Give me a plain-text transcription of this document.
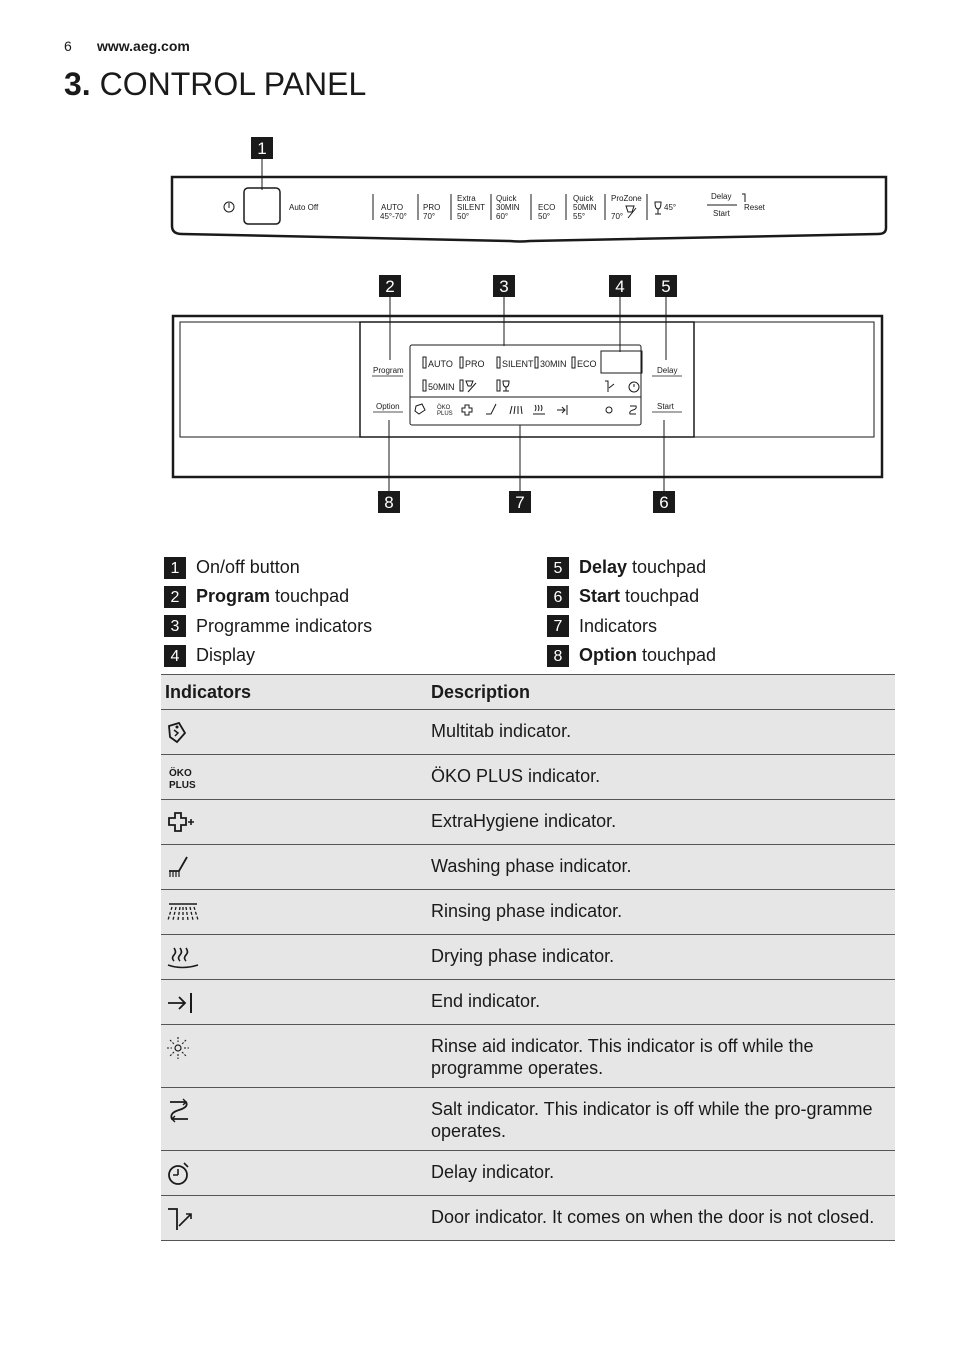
6 www.aeg.com
3. CONTROL PANEL
1
Auto Off	AUTO
45°-70°
PRO
70°
Extra
SILENT
50°
Quick
30MIN
60°
ECO
50°
Quick
50MIN
55°
ProZone
70°
45°
Delay
Start
Reset
Program
Option
Delay
Start
AUTO PRO SILENT 30MIN ECO
50MIN
ÖKO
PLUS
2	3	4 5
8	7	6
1 On/off button
2 Program touchpad
3 Programme indicators
4 Display
5 Delay touchpad
6 Start touchpad
7 Indicators
8 Option touchpad
Indicators	Description

	Multitab indicator.

ÖKO
PLUS	ÖKO PLUS indicator.

	ExtraHygiene indicator.

	Washing phase indicator.

	Rinsing phase indicator.

	Drying phase indicator.

	End indicator.

	Rinse aid indicator. This indicator is off while the programme operates.

	Salt indicator. This indicator is off while the pro-gramme operates.

	Delay indicator.

	Door indicator. It comes on when the door is not closed.
